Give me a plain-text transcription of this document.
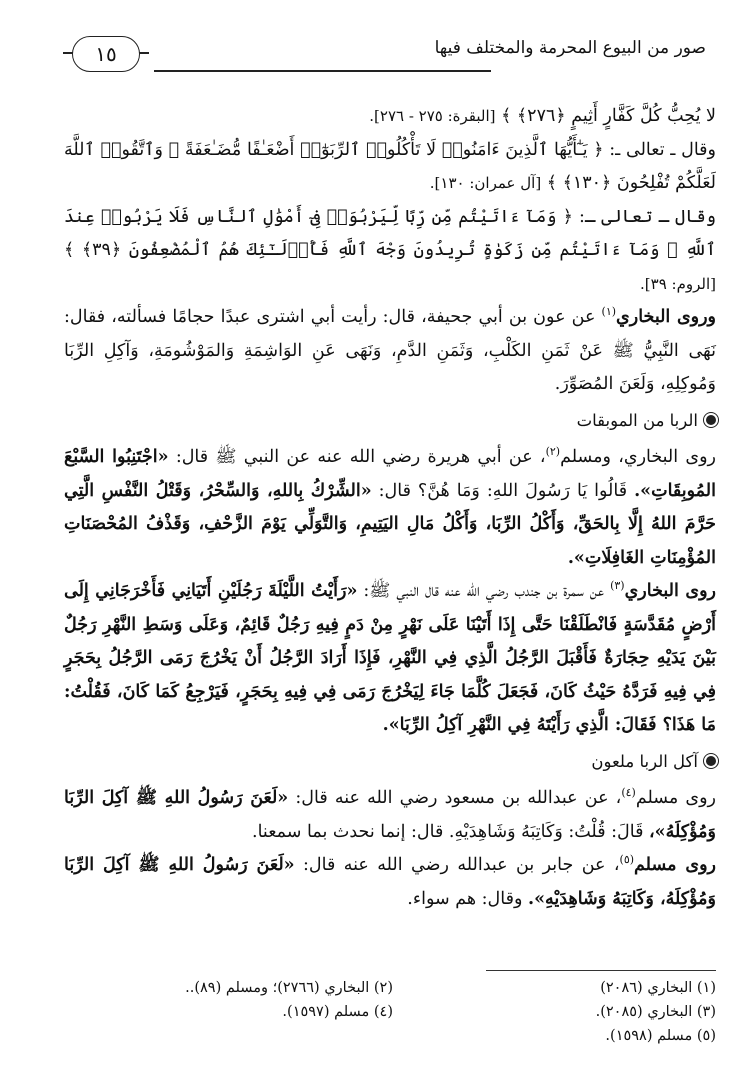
١٥	صور من البيوع المحرمة والمختلف فيها

لا يُحِبُّ كُلَّ كَفَّارٍ أَثِيمٍ ﴿٢٧٦﴾ ﴾ [البقرة: ٢٧٥ - ٢٧٦].

وقال ـ تعالى ـ: ﴿ يَـٰٓأَيُّهَا ٱلَّذِينَ ءَامَنُوا۟ لَا تَأْكُلُوا۟ ٱلرِّبَوٰٓا۟ أَضْعَـٰفًا مُّضَـٰعَفَةً ۖ وَٱتَّقُوا۟ ٱللَّهَ لَعَلَّكُمْ تُفْلِحُونَ ﴿١٣٠﴾ ﴾ [آل عمران: ١٣٠].

وقال ـ تعالى ـ: ﴿ وَمَآ ءَاتَيْتُم مِّن رِّبًا لِّيَرْبُوَا۟ فِىٓ أَمْوَٰلِ ٱلنَّاسِ فَلَا يَرْبُوا۟ عِندَ ٱللَّهِ ۖ وَمَآ ءَاتَيْتُم مِّن زَكَوٰةٍ تُرِيدُونَ وَجْهَ ٱللَّهِ فَأُو۟لَـٰٓئِكَ هُمُ ٱلْمُضْعِفُونَ ﴿٣٩﴾ ﴾ [الروم: ٣٩].

وروى البخاري$^{(١)}$ عن عون بن أبي جحيفة، قال: رأيت أبي اشترى عبدًا حجامًا فسألته، فقال: نَهَى النَّبِيُّ ﷺ عَنْ ثَمَنِ الكَلْبِ، وَثَمَنِ الدَّمِ، وَنَهَى عَنِ الوَاشِمَةِ وَالمَوْشُومَةِ، وَآكِلِ الرِّبَا وَمُوكِلِهِ، وَلَعَنَ المُصَوِّرَ.

الربا من الموبقات

روى البخاري، ومسلم$^{(٢)}$، عن أبي هريرة رضي الله عنه عن النبي ﷺ قال: «اجْتَنِبُوا السَّبْعَ المُوبِقَاتِ». قَالُوا يَا رَسُولَ اللهِ: وَمَا هُنَّ؟ قال: «الشِّرْكُ بِاللهِ، وَالسِّحْرُ، وَقَتْلُ النَّفْسِ الَّتِي حَرَّمَ اللهُ إِلَّا بِالحَقِّ، وَأَكْلُ الرِّبَا، وَأَكْلُ مَالِ اليَتِيمِ، وَالتَّوَلِّي يَوْمَ الزَّحْفِ، وَقَذْفُ المُحْصَنَاتِ المُؤْمِنَاتِ الغَافِلَاتِ».

روى البخاري$^{(٣)}$ عن سمرة بن جندب رضي الله عنه قال النبي ﷺ: «رَأَيْتُ اللَّيْلَةَ رَجُلَيْنِ أَتَيَانِي فَأَخْرَجَانِي إِلَى أَرْضٍ مُقَدَّسَةٍ فَانْطَلَقْنَا حَتَّى إِذَا أَتَيْنَا عَلَى نَهْرٍ مِنْ دَمٍ فِيهِ رَجُلٌ قَائِمٌ، وَعَلَى وَسَطِ النَّهْرِ رَجُلٌ بَيْنَ يَدَيْهِ حِجَارَةٌ فَأَقْبَلَ الرَّجُلُ الَّذِي فِي النَّهْرِ، فَإِذَا أَرَادَ الرَّجُلُ أَنْ يَخْرُجَ رَمَى الرَّجُلُ بِحَجَرٍ فِي فِيهِ فَرَدَّهُ حَيْثُ كَانَ، فَجَعَلَ كُلَّمَا جَاءَ لِيَخْرُجَ رَمَى فِي فِيهِ بِحَجَرٍ، فَيَرْجِعُ كَمَا كَانَ، فَقُلْتُ: مَا هَذَا؟ فَقَالَ: الَّذِي رَأَيْتَهُ فِي النَّهْرِ آكِلُ الرِّبَا».

آكل الربا ملعون

روى مسلم$^{(٤)}$، عن عبدالله بن مسعود رضي الله عنه قال: «لَعَنَ رَسُولُ اللهِ ﷺ آكِلَ الرِّبَا وَمُؤْكِلَهُ»، قَالَ: قُلْتُ: وَكَاتِبَهُ وَشَاهِدَيْهِ. قال: إنما نحدث بما سمعنا.

روى مسلم$^{(٥)}$، عن جابر بن عبدالله رضي الله عنه قال: «لَعَنَ رَسُولُ اللهِ ﷺ آكِلَ الرِّبَا وَمُؤْكِلَهُ، وَكَاتِبَهُ وَشَاهِدَيْهِ». وقال: هم سواء.

(١) البخاري (٢٠٨٦)
(٢) البخاري (٢٧٦٦)؛ ومسلم (٨٩)..
(٣) البخاري (٢٠٨٥).
(٤) مسلم (١٥٩٧).
(٥) مسلم (١٥٩٨).
